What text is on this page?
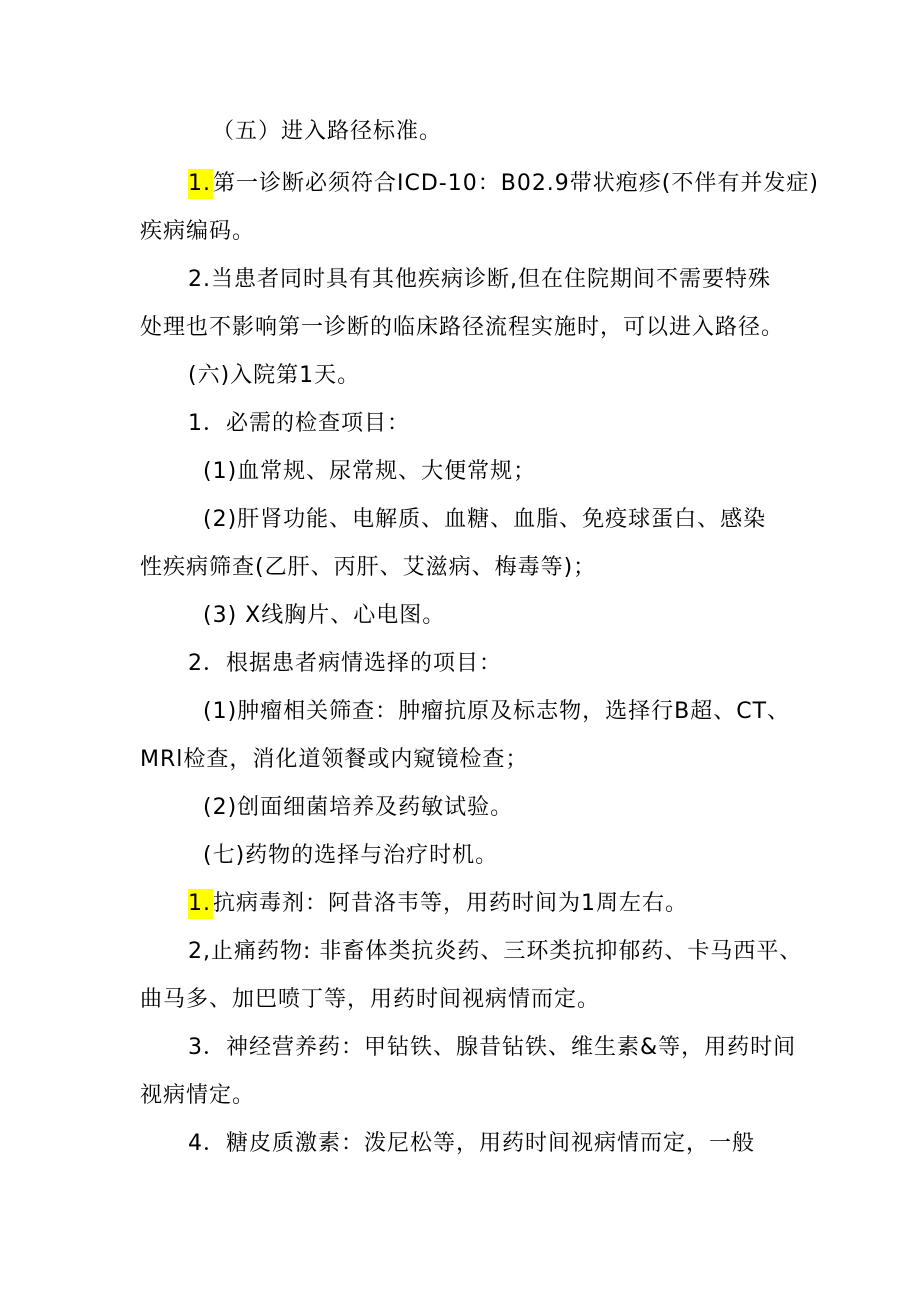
（五）进入路径标准。
1.第一诊断必须符合ICD-10：B02.9带状疱疹(不伴有并发症)
疾病编码。
2.当患者同时具有其他疾病诊断,但在住院期间不需要特殊
处理也不影响第一诊断的临床路径流程实施时，可以进入路径。
(六)入院第1天。
1．必需的检查项目：
(1)血常规、尿常规、大便常规；
(2)肝肾功能、电解质、血糖、血脂、免疫球蛋白、感染
性疾病筛查(乙肝、丙肝、艾滋病、梅毒等)；
(3) X线胸片、心电图。
2．根据患者病情选择的项目：
(1)肿瘤相关筛查：肿瘤抗原及标志物，选择行B超、CT、
MRl检查，消化道领餐或内窥镜检查；
(2)创面细菌培养及药敏试验。
(七)药物的选择与治疗时机。
1.抗病毒剂：阿昔洛韦等，用药时间为1周左右。
2,止痛药物: 非畜体类抗炎药、三环类抗抑郁药、卡马西平、
曲马多、加巴喷丁等，用药时间视病情而定。
3．神经营养药：甲钻铁、腺昔钻铁、维生素&等，用药时间
视病情定。
4．糖皮质激素：泼尼松等，用药时间视病情而定，一般
